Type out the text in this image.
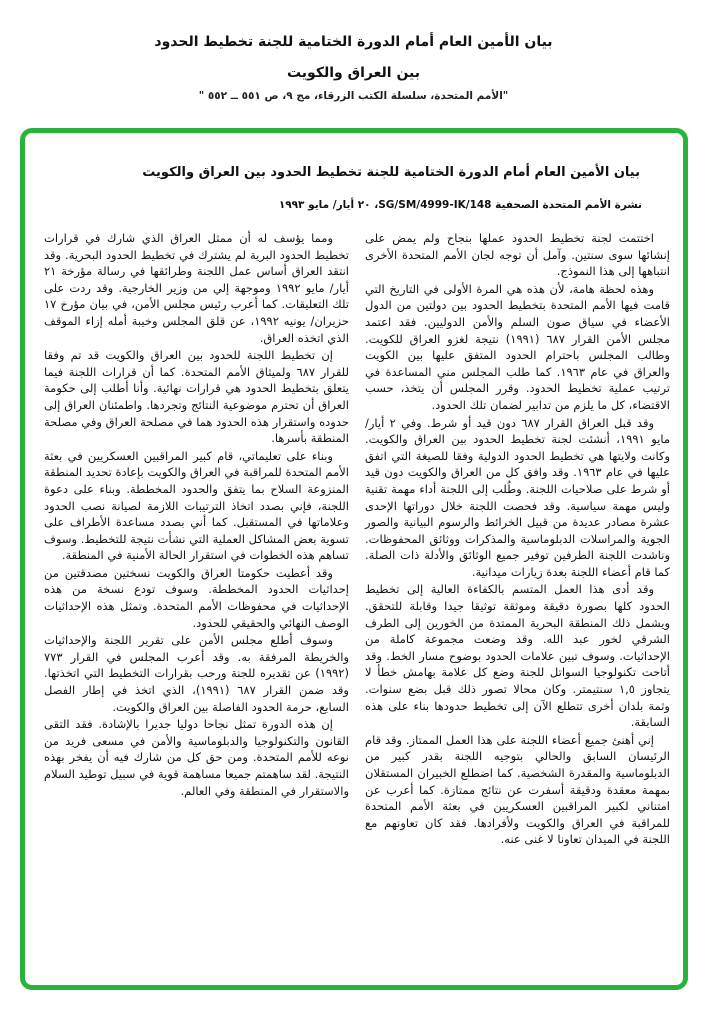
بيان الأمين العام أمام الدورة الختامية للجنة تخطيط الحدود
بين العراق والكويت
"الأمم المتحدة، سلسلة الكتب الزرقاء، مج ٩، ص ٥٥١ ــ ٥٥٢ "
بيان الأمين العام أمام الدورة الختامية للجنة تخطيط الحدود بين العراق والكويت
نشرة الأمم المتحدة الصحفية SG/SM/4999-IK/148، ٢٠ أيار/ مايو ١٩٩٣

اختتمت لجنة تخطيط الحدود عملها بنجاح ولم يمض على إنشائها سوى سنتين. وآمل أن توجه لجان الأمم المتحدة الأخرى انتباهها إلى هذا النموذج.

وهذه لحظة هامة، لأن هذه هي المرة الأولى في التاريخ التي قامت فيها الأمم المتحدة بتخطيط الحدود بين دولتين من الدول الأعضاء في سياق صون السلم والأمن الدوليين. فقد اعتمد مجلس الأمن القرار ٦٨٧ (١٩٩١) نتيجة لغزو العراق للكويت. وطالب المجلس باحترام الحدود المتفق عليها بين الكويت والعراق في عام ١٩٦٣. كما طلب المجلس مني المساعدة في ترتيب عملية تخطيط الحدود. وقرر المجلس أن يتخذ، حسب الاقتضاء، كل ما يلزم من تدابير لضمان تلك الحدود.

وقد قبل العراق القرار ٦٨٧ دون قيد أو شرط. وفي ٢ أيار/ مايو ١٩٩١، أنشئت لجنة تخطيط الحدود بين العراق والكويت. وكانت ولايتها هي تخطيط الحدود الدولية وفقا للصيغة التي اتفق عليها في عام ١٩٦٣. وقد وافق كل من العراق والكويت دون قيد أو شرط على صلاحيات اللجنة. وطُلب إلى اللجنة أداء مهمة تقنية وليس مهمة سياسية. وقد فحصت اللجنة خلال دوراتها الإحدى عشرة مصادر عديدة من قبيل الخرائط والرسوم البيانية والصور الجوية والمراسلات الدبلوماسية والمذكرات ووثائق المحفوظات. وناشدت اللجنة الطرفين توفير جميع الوثائق والأدلة ذات الصلة. كما قام أعضاء اللجنة بعدة زيارات ميدانية.

وقد أدى هذا العمل المتسم بالكفاءة العالية إلى تخطيط الحدود كلها بصورة دقيقة وموثقة توثيقا جيدا وقابلة للتحقق. ويشمل ذلك المنطقة البحرية الممتدة من الخورين إلى الطرف الشرقي لخور عبد الله. وقد وضعت مجموعة كاملة من الإحداثيات. وسوف تبين علامات الحدود بوضوح مسار الخط. وقد أتاحت تكنولوجيا السواتل للجنة وضع كل علامة بهامش خطأ لا يتجاوز ١,٥ سنتيمتر. وكان محالا تصور ذلك قبل بضع سنوات. وثمة بلدان أخرى تتطلع الآن إلى تخطيط حدودها بناء على هذه السابقة.

إني أهنئ جميع أعضاء اللجنة على هذا العمل الممتاز. وقد قام الرئيسان السابق والحالي بتوجيه اللجنة بقدر كبير من الدبلوماسية والمقدرة الشخصية. كما اضطلع الخبيران المستقلان بمهمة معقدة ودقيقة أسفرت عن نتائج ممتازة. كما أعرب عن امتناني لكبير المراقبين العسكريين في بعثة الأمم المتحدة للمراقبة في العراق والكويت ولأفرادها. فقد كان تعاونهم مع اللجنة في الميدان تعاونا لا غنى عنه.

ومما يؤسف له أن ممثل العراق الذي شارك في قرارات تخطيط الحدود البرية لم يشترك في تخطيط الحدود البحرية. وقد انتقد العراق أساس عمل اللجنة وطرائقها في رسالة مؤرخة ٢١ أيار/ مايو ١٩٩٢ وموجهة إلي من وزير الخارجية. وقد ردت على تلك التعليقات. كما أعرب رئيس مجلس الأمن، في بيان مؤرخ ١٧ حزيران/ يونيه ١٩٩٢، عن قلق المجلس وخيبة أمله إزاء الموقف الذي اتخذه العراق.

إن تخطيط اللجنة للحدود بين العراق والكويت قد تم وفقا للقرار ٦٨٧ ولميثاق الأمم المتحدة. كما أن قرارات اللجنة فيما يتعلق بتخطيط الحدود هي قرارات نهائية. وأنا أطلب إلى حكومة العراق أن تحترم موضوعية النتائج وتجردها. واطمئنان العراق إلى حدوده واستقرار هذه الحدود هما في مصلحة العراق وفي مصلحة المنطقة بأسرها.

وبناء على تعليماتي، قام كبير المراقبين العسكريين في بعثة الأمم المتحدة للمراقبة في العراق والكويت بإعادة تحديد المنطقة المنزوعة السلاح بما يتفق والحدود المخططة. وبناء على دعوة اللجنة، فإني بصدد اتخاذ الترتيبات اللازمة لصيانة نصب الحدود وعلاماتها في المستقبل. كما أني بصدد مساعدة الأطراف على تسوية بعض المشاكل العملية التي نشأت نتيجة للتخطيط. وسوف تساهم هذه الخطوات في استقرار الحالة الأمنية في المنطقة.

وقد أعطيت حكومتا العراق والكويت نسختين مصدقتين من إحداثيات الحدود المخططة. وسوف تودع نسخة من هذه الإحداثيات في محفوظات الأمم المتحدة. وتمثل هذه الإحداثيات الوصف النهائي والحقيقي للحدود.

وسوف أطلع مجلس الأمن على تقرير اللجنة والإحداثيات والخريطة المرفقة به. وقد أعرب المجلس في القرار ٧٧٣ (١٩٩٢) عن تقديره للجنة ورحب بقرارات التخطيط التي اتخذتها. وقد ضمن القرار ٦٨٧ (١٩٩١)، الذي اتخذ في إطار الفصل السابع، حرمة الحدود الفاصلة بين العراق والكويت.

إن هذه الدورة تمثل نجاحا دوليا جديرا بالإشادة. فقد التقى القانون والتكنولوجيا والدبلوماسية والأمن في مسعى فريد من نوعه للأمم المتحدة. ومن حق كل من شارك فيه أن يفخر بهذه النتيجة. لقد ساهمتم جميعا مساهمة قوية في سبيل توطيد السلام والاستقرار في المنطقة وفي العالم.
